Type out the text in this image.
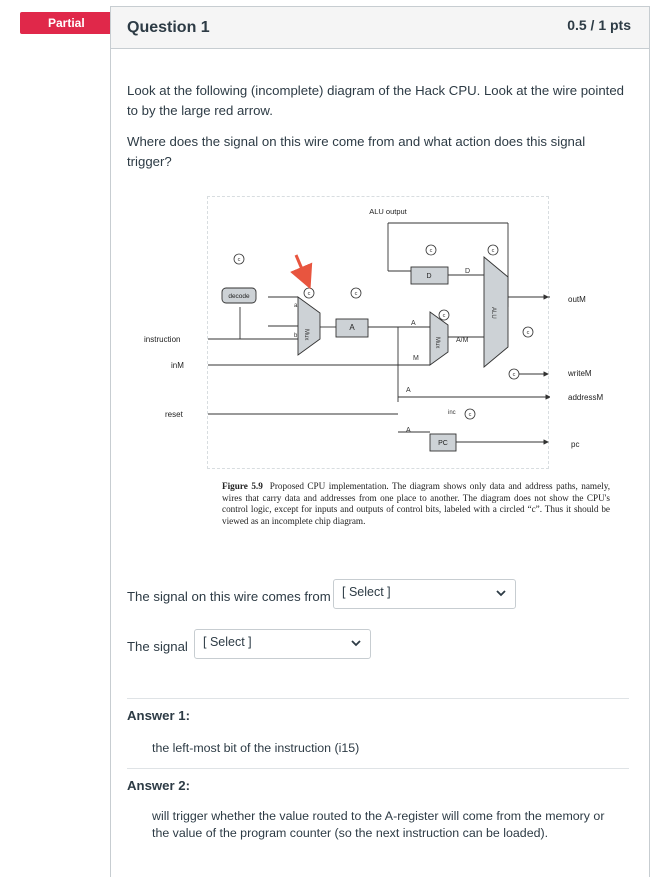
Partial	Question 1	0.5 / 1 pts
Look at the following (incomplete) diagram of the Hack CPU. Look at the wire pointed to by the large red arrow.
Where does the signal on this wire come from and what action does this signal trigger?
Mux
a
b
A	A
D
D
Mux A/M
M
ALU
PC
inc
A
A
decode
c
c	c
c	c
c
c
c
c
ALU output
instruction
inM
reset
outM
writeM
addressM
pc
Figure 5.9 Proposed CPU implementation. The diagram shows only data and address paths, namely, wires that carry data and addresses from one place to another. The diagram does not show the CPU's control logic, except for inputs and outputs of control bits, labeled with a circled “c”. Thus it should be viewed as an incomplete chip diagram.
The signal on this wire comes from [ Select ]
The signal	[ Select ]
Answer 1:
the left-most bit of the instruction (i15)
Answer 2:
will trigger whether the value routed to the A-register will come from the memory or the value of the program counter (so the next instruction can be loaded).
